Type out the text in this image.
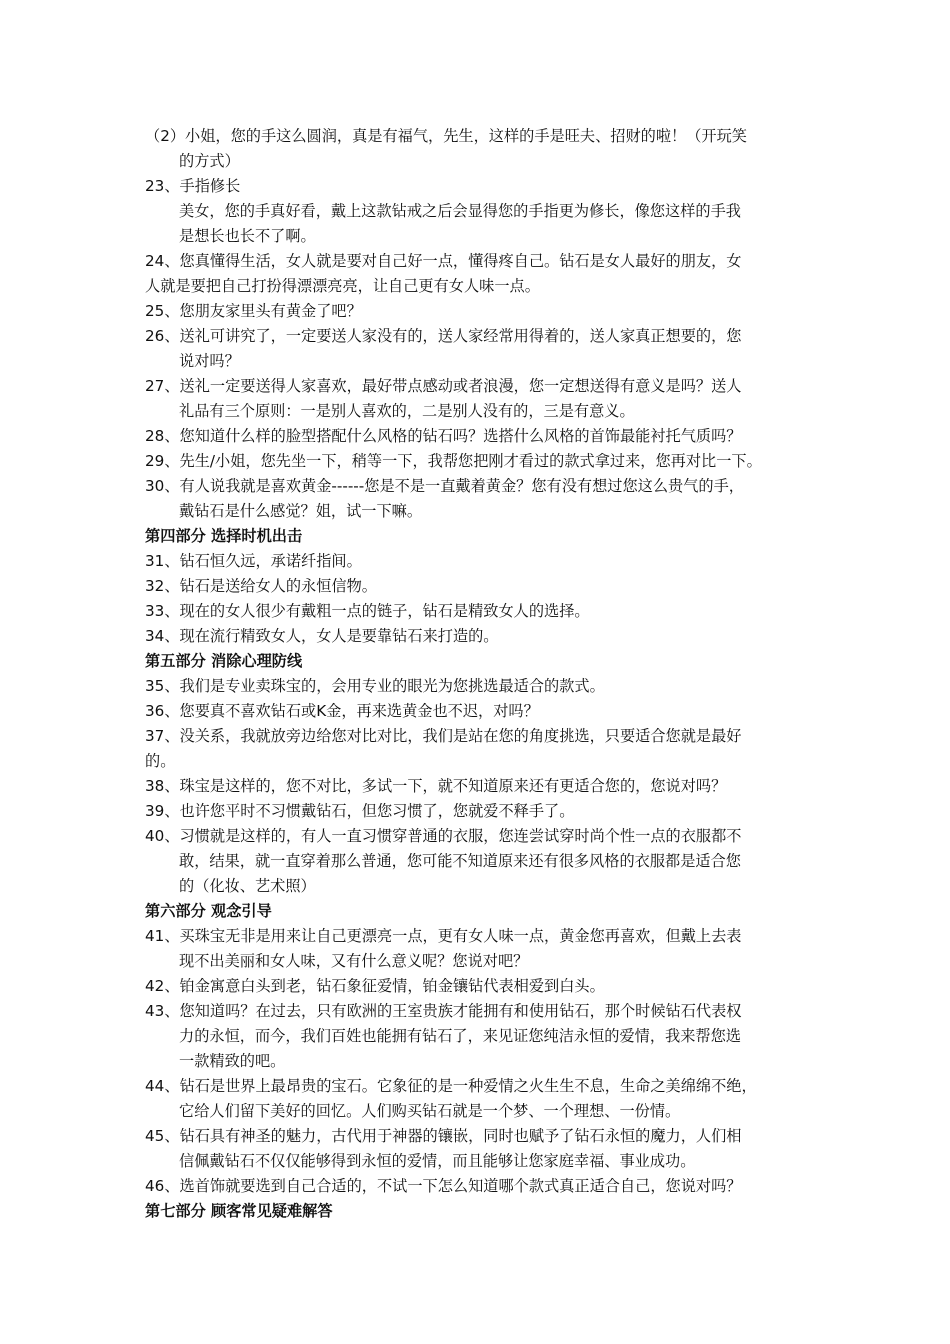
（2）小姐，您的手这么圆润，真是有福气，先生，这样的手是旺夫、招财的啦！（开玩笑
的方式）
23、手指修长
美女，您的手真好看，戴上这款钻戒之后会显得您的手指更为修长，像您这样的手我
是想长也长不了啊。
24、您真懂得生活，女人就是要对自己好一点，懂得疼自己。钻石是女人最好的朋友，女
人就是要把自己打扮得漂漂亮亮，让自己更有女人味一点。
25、您朋友家里头有黄金了吧？
26、送礼可讲究了，一定要送人家没有的，送人家经常用得着的，送人家真正想要的，您
说对吗？
27、送礼一定要送得人家喜欢，最好带点感动或者浪漫，您一定想送得有意义是吗？送人
礼品有三个原则：一是别人喜欢的，二是别人没有的，三是有意义。
28、您知道什么样的脸型搭配什么风格的钻石吗？选搭什么风格的首饰最能衬托气质吗？
29、先生/小姐，您先坐一下，稍等一下，我帮您把刚才看过的款式拿过来，您再对比一下。
30、有人说我就是喜欢黄金------您是不是一直戴着黄金？您有没有想过您这么贵气的手，
戴钻石是什么感觉？姐，试一下嘛。
第四部分 选择时机出击
31、钻石恒久远，承诺纤指间。
32、钻石是送给女人的永恒信物。
33、现在的女人很少有戴粗一点的链子，钻石是精致女人的选择。
34、现在流行精致女人，女人是要靠钻石来打造的。
第五部分 消除心理防线
35、我们是专业卖珠宝的，会用专业的眼光为您挑选最适合的款式。
36、您要真不喜欢钻石或K金，再来选黄金也不迟，对吗？
37、没关系，我就放旁边给您对比对比，我们是站在您的角度挑选，只要适合您就是最好
的。
38、珠宝是这样的，您不对比，多试一下，就不知道原来还有更适合您的，您说对吗？
39、也许您平时不习惯戴钻石，但您习惯了，您就爱不释手了。
40、习惯就是这样的，有人一直习惯穿普通的衣服，您连尝试穿时尚个性一点的衣服都不
敢，结果，就一直穿着那么普通，您可能不知道原来还有很多风格的衣服都是适合您
的（化妆、艺术照）
第六部分 观念引导
41、买珠宝无非是用来让自己更漂亮一点，更有女人味一点，黄金您再喜欢，但戴上去表
现不出美丽和女人味，又有什么意义呢？您说对吧？
42、铂金寓意白头到老，钻石象征爱情，铂金镶钻代表相爱到白头。
43、您知道吗？在过去，只有欧洲的王室贵族才能拥有和使用钻石，那个时候钻石代表权
力的永恒，而今，我们百姓也能拥有钻石了，来见证您纯洁永恒的爱情，我来帮您选
一款精致的吧。
44、钻石是世界上最昂贵的宝石。它象征的是一种爱情之火生生不息，生命之美绵绵不绝，
它给人们留下美好的回忆。人们购买钻石就是一个梦、一个理想、一份情。
45、钻石具有神圣的魅力，古代用于神器的镶嵌，同时也赋予了钻石永恒的魔力，人们相
信佩戴钻石不仅仅能够得到永恒的爱情，而且能够让您家庭幸福、事业成功。
46、选首饰就要选到自己合适的，不试一下怎么知道哪个款式真正适合自己，您说对吗？
第七部分 顾客常见疑难解答
